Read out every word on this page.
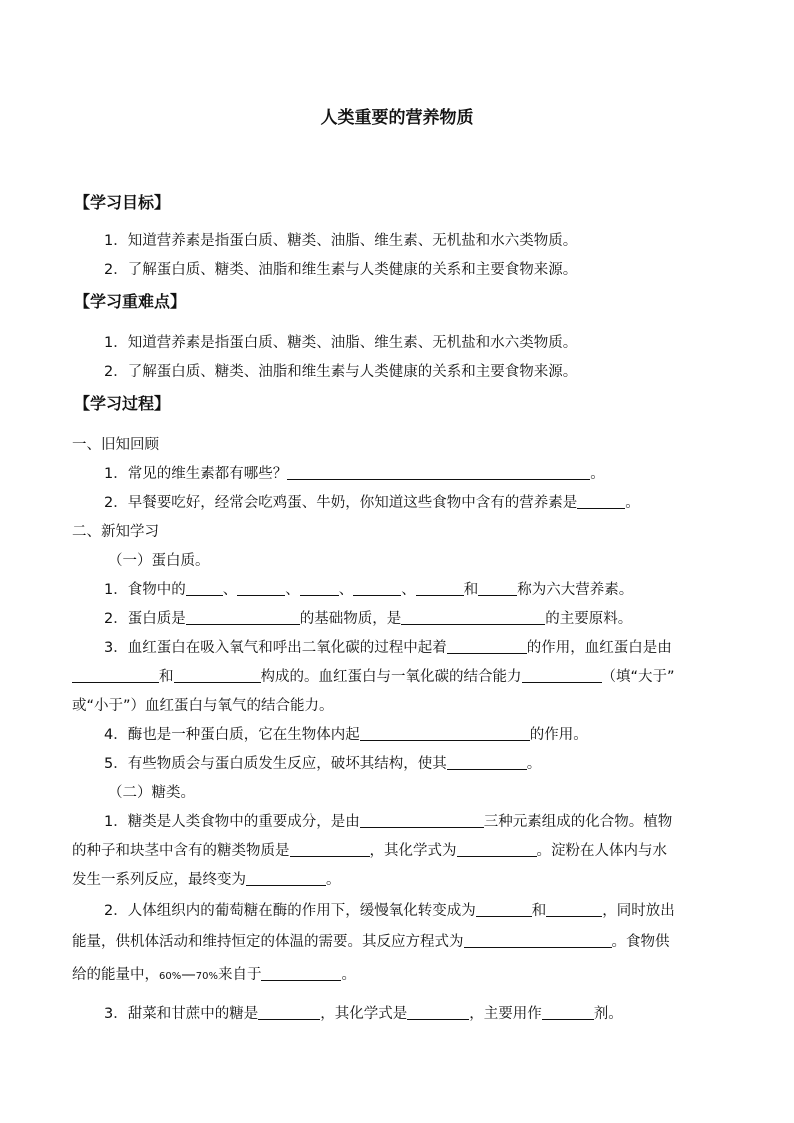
人类重要的营养物质
【学习目标】
1．知道营养素是指蛋白质、糖类、油脂、维生素、无机盐和水六类物质。
2．了解蛋白质、糖类、油脂和维生素与人类健康的关系和主要食物来源。
【学习重难点】
1．知道营养素是指蛋白质、糖类、油脂、维生素、无机盐和水六类物质。
2．了解蛋白质、糖类、油脂和维生素与人类健康的关系和主要食物来源。
【学习过程】
一、旧知回顾
1．常见的维生素都有哪些？	。
2．早餐要吃好，经常会吃鸡蛋、牛奶，你知道这些食物中含有的营养素是	。
二、新知学习
（一）蛋白质。
1．食物中的	、	、	、	、	和	称为六大营养素。
2．蛋白质是	的基础物质，是	的主要原料。
3．血红蛋白在吸入氧气和呼出二氧化碳的过程中起着	的作用，血红蛋白是由
和	构成的。血红蛋白与一氧化碳的结合能力	（填“大于”
或“小于”）血红蛋白与氧气的结合能力。
4．酶也是一种蛋白质，它在生物体内起	的作用。
5．有些物质会与蛋白质发生反应，破坏其结构，使其	。
（二）糖类。
1．糖类是人类食物中的重要成分，是由	三种元素组成的化合物。植物
的种子和块茎中含有的糖类物质是	，其化学式为	。淀粉在人体内与水
发生一系列反应，最终变为	。
2．人体组织内的葡萄糖在酶的作用下，缓慢氧化转变成为	和	，同时放出
能量，供机体活动和维持恒定的体温的需要。其反应方程式为	。食物供
给的能量中，60%—70%来自于	。
3．甜菜和甘蔗中的糖是	，其化学式是	，主要用作	剂。
